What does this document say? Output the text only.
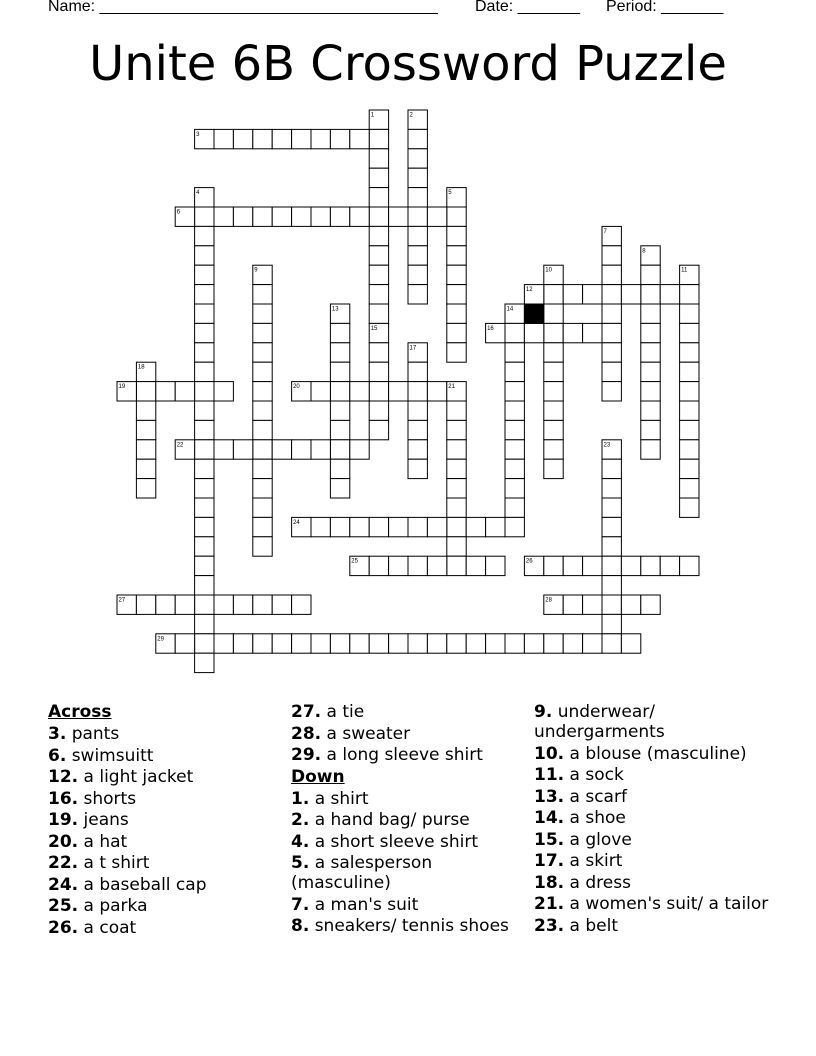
Name: ______________________________________ Date: _______ Period: _______
Unite 6B Crossword Puzzle
1	2
3
4	5
6
7
8
9	10	11
12
13	14
15	16
17
18
19	20	21
22	23
24
25	26
27	28
29
Across
3. pants
6. swimsuitt
12. a light jacket
16. shorts
19. jeans
20. a hat
22. a t shirt
24. a baseball cap
25. a parka
26. a coat
27. a tie
28. a sweater
29. a long sleeve shirt
Down
1. a shirt
2. a hand bag/ purse
4. a short sleeve shirt
5. a salesperson (masculine)
7. a man's suit
8. sneakers/ tennis shoes
9. underwear/ undergarments
10. a blouse (masculine)
11. a sock
13. a scarf
14. a shoe
15. a glove
17. a skirt
18. a dress
21. a women's suit/ a tailor
23. a belt
